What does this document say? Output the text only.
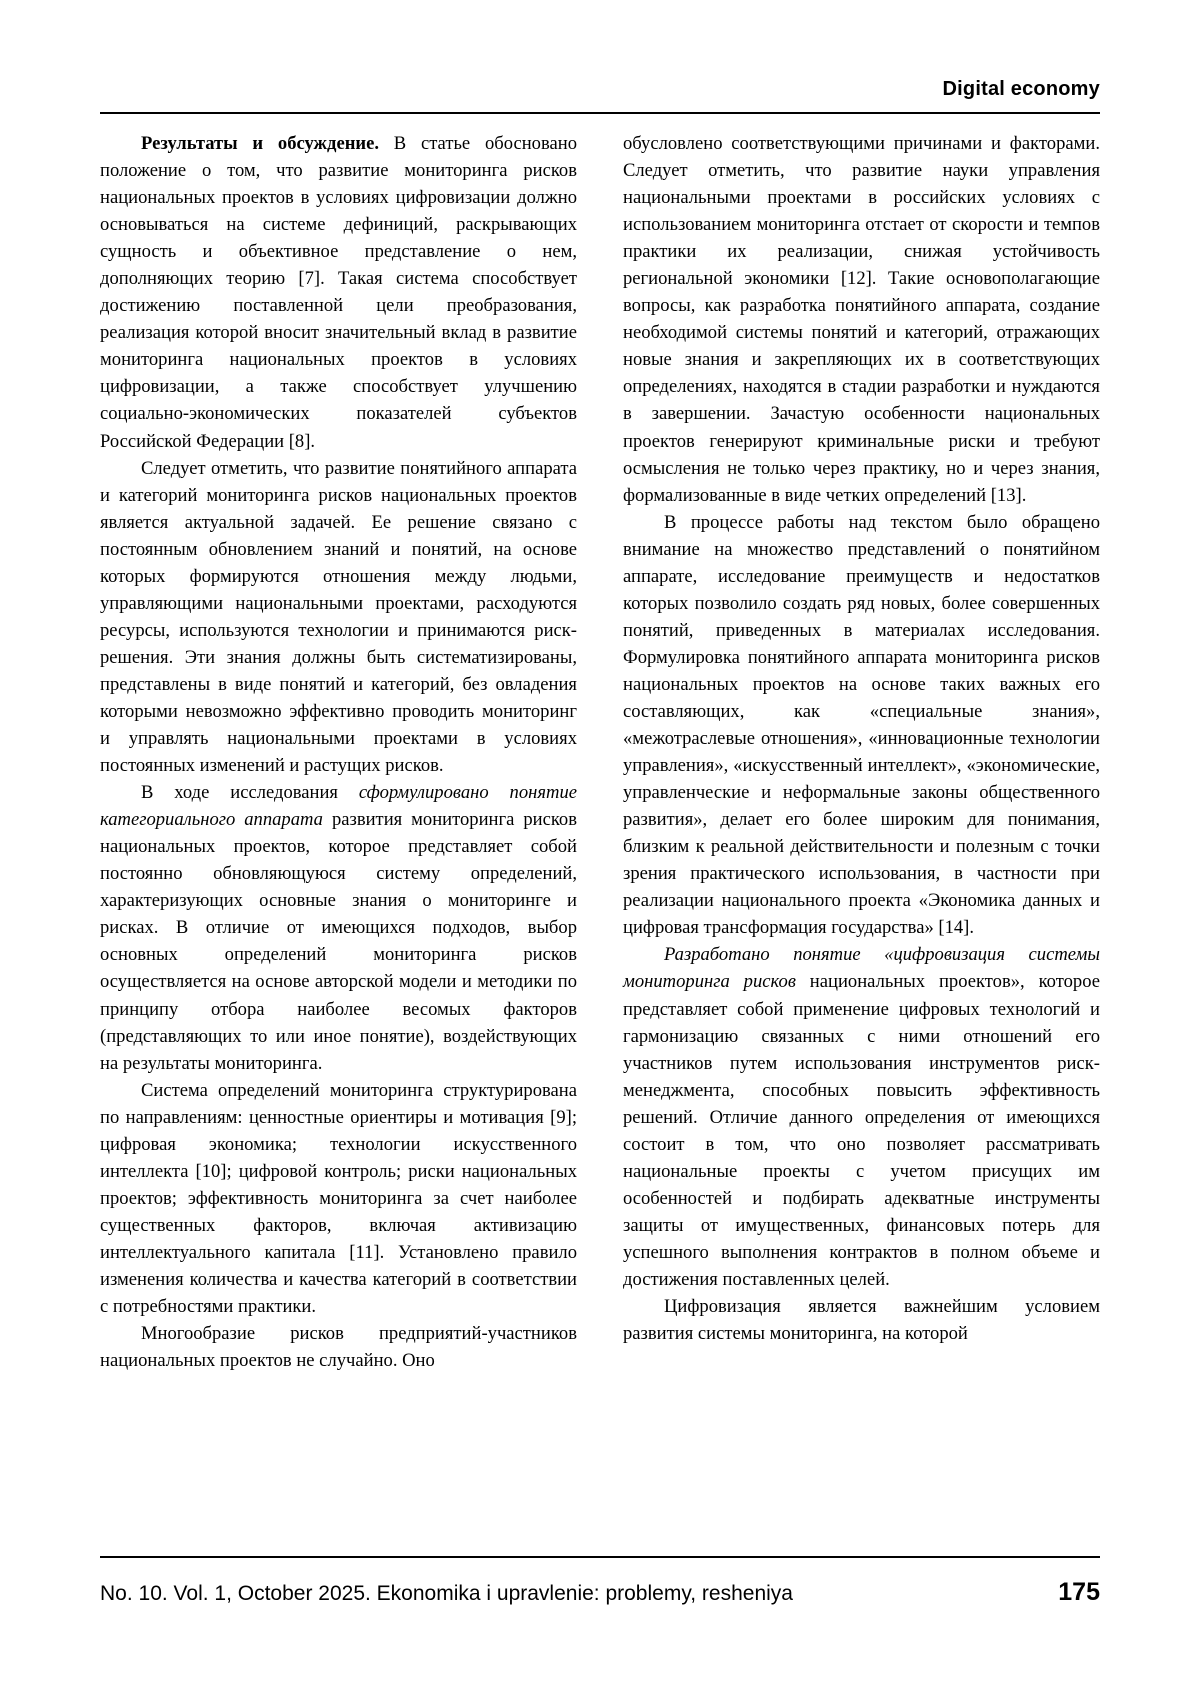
Digital economy

Результаты и обсуждение. В статье обосновано положение о том, что развитие мониторинга рисков национальных проектов в условиях цифровизации должно основываться на системе дефиниций, раскрывающих сущность и объективное представление о нем, дополняющих теорию [7]. Такая система способствует достижению поставленной цели преобразования, реализация которой вносит значительный вклад в развитие мониторинга национальных проектов в условиях цифровизации, а также способствует улучшению социально-экономических показателей субъектов Российской Федерации [8].

Следует отметить, что развитие понятийного аппарата и категорий мониторинга рисков национальных проектов является актуальной задачей. Ее решение связано с постоянным обновлением знаний и понятий, на основе которых формируются отношения между людьми, управляющими национальными проектами, расходуются ресурсы, используются технологии и принимаются риск-решения. Эти знания должны быть систематизированы, представлены в виде понятий и категорий, без овладения которыми невозможно эффективно проводить мониторинг и управлять национальными проектами в условиях постоянных изменений и растущих рисков.

В ходе исследования сформулировано понятие категориального аппарата развития мониторинга рисков национальных проектов, которое представляет собой постоянно обновляющуюся систему определений, характеризующих основные знания о мониторинге и рисках. В отличие от имеющихся подходов, выбор основных определений мониторинга рисков осуществляется на основе авторской модели и методики по принципу отбора наиболее весомых факторов (представляющих то или иное понятие), воздействующих на результаты мониторинга.

Система определений мониторинга структурирована по направлениям: ценностные ориентиры и мотивация [9]; цифровая экономика; технологии искусственного интеллекта [10]; цифровой контроль; риски национальных проектов; эффективность мониторинга за счет наиболее существенных факторов, включая активизацию интеллектуального капитала [11]. Установлено правило изменения количества и качества категорий в соответствии с потребностями практики.

Многообразие рисков предприятий-участников национальных проектов не случайно. Оно

обусловлено соответствующими причинами и факторами. Следует отметить, что развитие науки управления национальными проектами в российских условиях с использованием мониторинга отстает от скорости и темпов практики их реализации, снижая устойчивость региональной экономики [12]. Такие основополагающие вопросы, как разработка понятийного аппарата, создание необходимой системы понятий и категорий, отражающих новые знания и закрепляющих их в соответствующих определениях, находятся в стадии разработки и нуждаются в завершении. Зачастую особенности национальных проектов генерируют криминальные риски и требуют осмысления не только через практику, но и через знания, формализованные в виде четких определений [13].

В процессе работы над текстом было обращено внимание на множество представлений о понятийном аппарате, исследование преимуществ и недостатков которых позволило создать ряд новых, более совершенных понятий, приведенных в материалах исследования. Формулировка понятийного аппарата мониторинга рисков национальных проектов на основе таких важных его составляющих, как «специальные знания», «межотраслевые отношения», «инновационные технологии управления», «искусственный интеллект», «экономические, управленческие и неформальные законы общественного развития», делает его более широким для понимания, близким к реальной действительности и полезным с точки зрения практического использования, в частности при реализации национального проекта «Экономика данных и цифровая трансформация государства» [14].

Разработано понятие «цифровизация системы мониторинга рисков национальных проектов», которое представляет собой применение цифровых технологий и гармонизацию связанных с ними отношений его участников путем использования инструментов риск-менеджмента, способных повысить эффективность решений. Отличие данного определения от имеющихся состоит в том, что оно позволяет рассматривать национальные проекты с учетом присущих им особенностей и подбирать адекватные инструменты защиты от имущественных, финансовых потерь для успешного выполнения контрактов в полном объеме и достижения поставленных целей.

Цифровизация является важнейшим условием развития системы мониторинга, на которой

No. 10. Vol. 1, October 2025. Ekonomika i upravlenie: problemy, resheniya	175
